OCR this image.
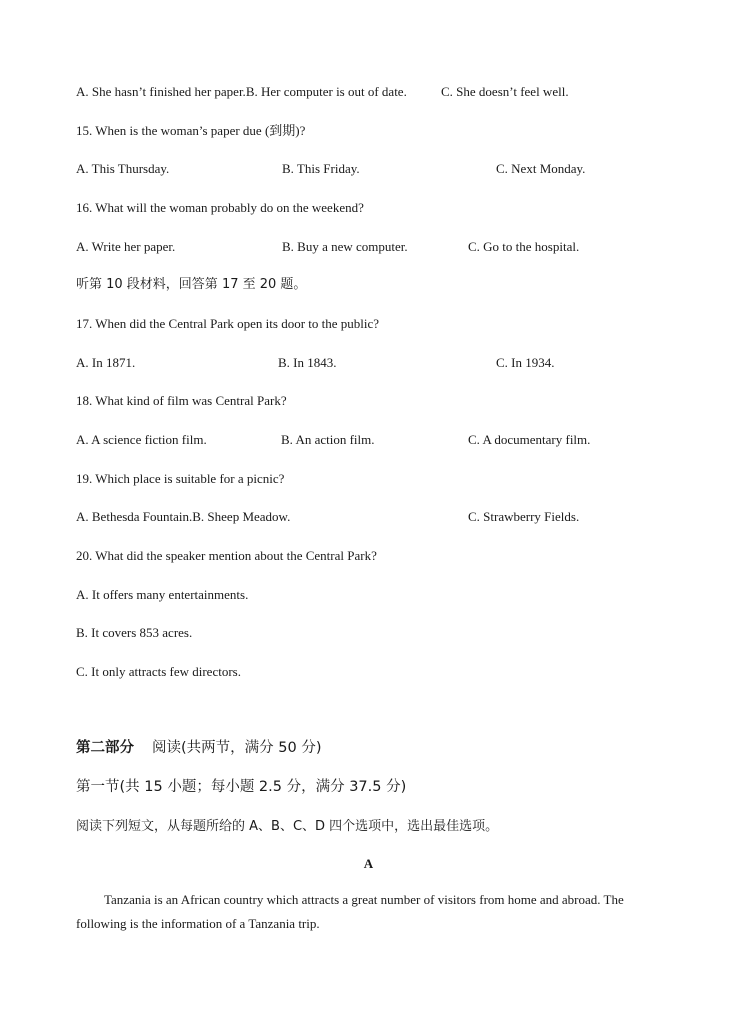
A. She hasn’t finished her paper.B. Her computer is out of date.	C. She doesn’t feel well.
15. When is the woman’s paper due (到期)?
A. This Thursday.	B. This Friday.	C. Next Monday.
16. What will the woman probably do on the weekend?
A. Write her paper.	B. Buy a new computer.	C. Go to the hospital.
听第 10 段材料，回答第 17 至 20 题。
17. When did the Central Park open its door to the public?
A. In 1871.	B. In 1843.	C. In 1934.
18. What kind of film was Central Park?
A. A science fiction film.	B. An action film.	C. A documentary film.
19. Which place is suitable for a picnic?
A. Bethesda Fountain.B. Sheep Meadow.	C. Strawberry Fields.
20. What did the speaker mention about the Central Park?
A. It offers many entertainments.
B. It covers 853 acres.
C. It only attracts few directors.
第二部分 阅读(共两节，满分 50 分)
第一节(共 15 小题；每小题 2.5 分，满分 37.5 分)
阅读下列短文，从每题所给的 A、B、C、D 四个选项中，选出最佳选项。
A
Tanzania is an African country which attracts a great number of visitors from home and abroad. The following is the information of a Tanzania trip.
